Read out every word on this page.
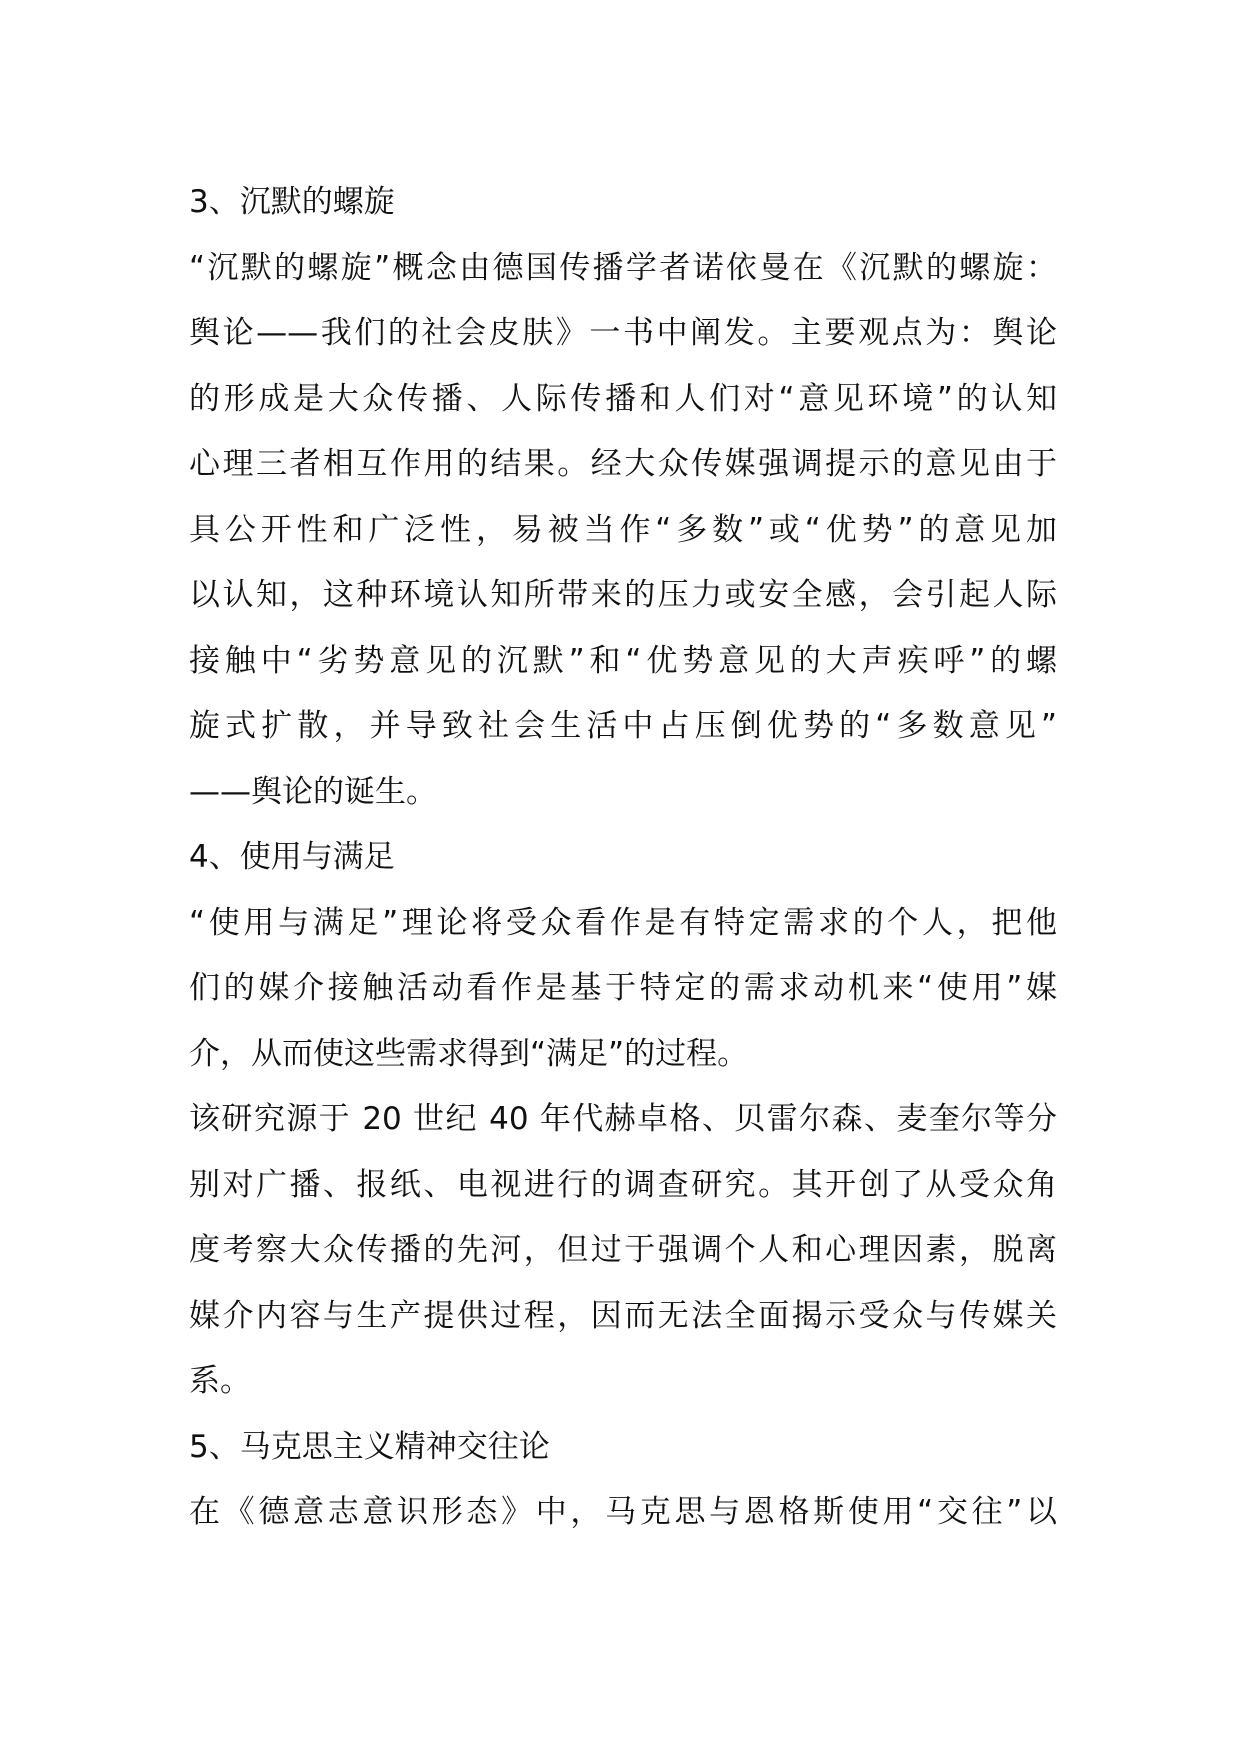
3、沉默的螺旋
“沉默的螺旋”概念由德国传播学者诺依曼在《沉默的螺旋：
舆论——我们的社会皮肤》一书中阐发。主要观点为：舆论
的形成是大众传播、人际传播和人们对“意见环境”的认知
心理三者相互作用的结果。经大众传媒强调提示的意见由于
具公开性和广泛性，易被当作“多数”或“优势”的意见加
以认知，这种环境认知所带来的压力或安全感，会引起人际
接触中“劣势意见的沉默”和“优势意见的大声疾呼”的螺
旋式扩散，并导致社会生活中占压倒优势的“多数意见”
——舆论的诞生。
4、使用与满足
“使用与满足”理论将受众看作是有特定需求的个人，把他
们的媒介接触活动看作是基于特定的需求动机来“使用”媒
介，从而使这些需求得到“满足”的过程。
该研究源于 20 世纪 40 年代赫卓格、贝雷尔森、麦奎尔等分
别对广播、报纸、电视进行的调查研究。其开创了从受众角
度考察大众传播的先河，但过于强调个人和心理因素，脱离
媒介内容与生产提供过程，因而无法全面揭示受众与传媒关
系。
5、马克思主义精神交往论
在《德意志意识形态》中，马克思与恩格斯使用“交往”以
